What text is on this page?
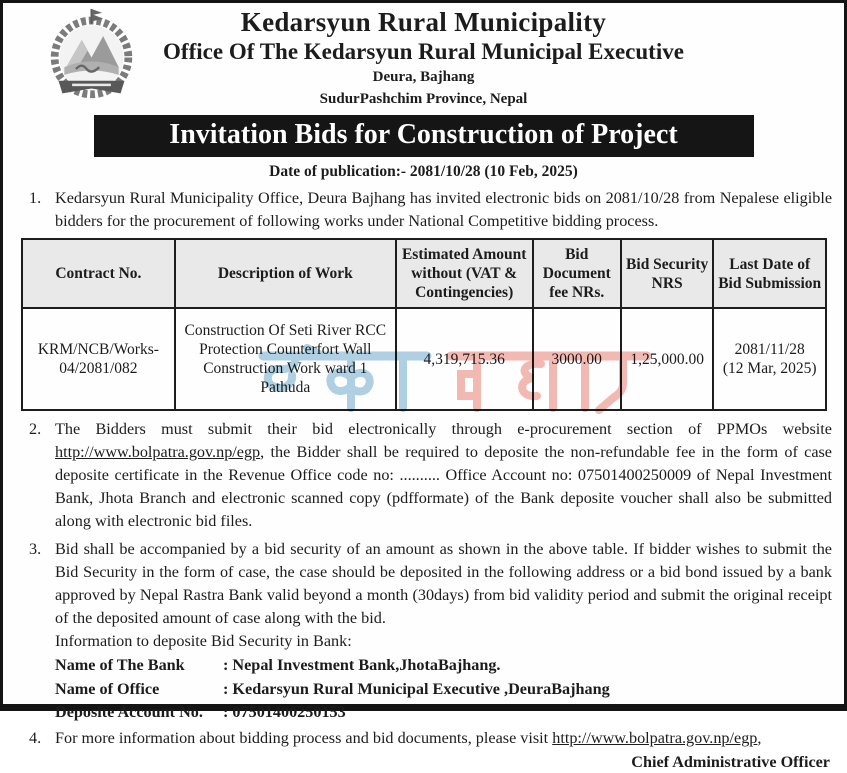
Kedarsyun Rural Municipality
Office Of The Kedarsyun Rural Municipal Executive
Deura, Bajhang
SudurPashchim Province, Nepal
Invitation Bids for Construction of Project
Date of publication:- 2081/10/28 (10 Feb, 2025)
1. Kedarsyun Rural Municipality Office, Deura Bajhang has invited electronic bids on 2081/10/28 from Nepalese eligible bidders for the procurement of following works under National Competitive bidding process.
Contract No.	Description of Work	Estimated Amount without (VAT & Contingencies)	Bid Document fee NRs.	Bid Security NRS	Last Date of Bid Submission
KRM/NCB/Works-04/2081/082	Construction Of Seti River RCC Protection Counterfort Wall Construction Work ward 1 Pathuda	4,319,715.36	3000.00	1,25,000.00	2081/11/28
(12 Mar, 2025)
2. The Bidders must submit their bid electronically through e-procurement section of PPMOs website http://www.bolpatra.gov.np/egp, the Bidder shall be required to deposite the non-refundable fee in the form of case deposite certificate in the Revenue Office code no: .......... Office Account no: 07501400250009 of Nepal Investment Bank, Jhota Branch and electronic scanned copy (pdfformate) of the Bank deposite voucher shall also be submitted along with electronic bid files.
3. Bid shall be accompanied by a bid security of an amount as shown in the above table. If bidder wishes to submit the Bid Security in the form of case, the case should be deposited in the following address or a bid bond issued by a bank approved by Nepal Rastra Bank valid beyond a month (30days) from bid validity period and submit the original receipt of the deposited amount of case along with the bid.
Information to deposite Bid Security in Bank:
Name of The Bank : Nepal Investment Bank,JhotaBajhang.
Name of Office	: Kedarsyun Rural Municipal Executive ,DeuraBajhang
Deposite Account No. : 07501400250153
4. For more information about bidding process and bid documents, please visit http://www.bolpatra.gov.np/egp,
Chief Administrative Officer
